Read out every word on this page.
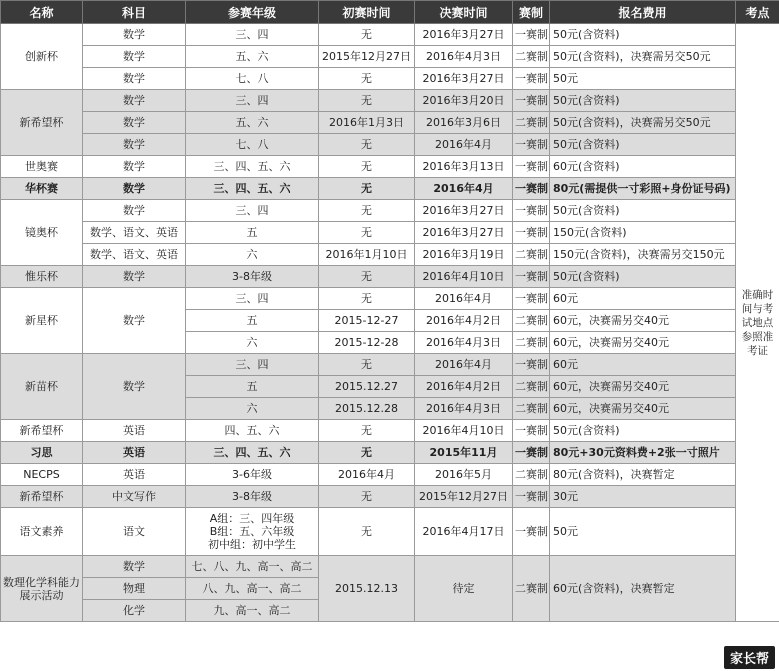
名称	科目	参赛年级	初赛时间	决赛时间	赛制	报名费用	考点
创新杯	数学	三、四	无	2016年3月27日	一赛制	50元(含资料)	准确时间与考试地点参照准考证
	数学	五、六	2015年12月27日	2016年4月3日	二赛制	50元(含资料)，决赛需另交50元	
	数学	七、八	无	2016年3月27日	一赛制	50元	
新希望杯	数学	三、四	无	2016年3月20日	一赛制	50元(含资料)	
	数学	五、六	2016年1月3日	2016年3月6日	二赛制	50元(含资料)，决赛需另交50元	
	数学	七、八	无	2016年4月	一赛制	50元(含资料)	
世奥赛	数学	三、四、五、六	无	2016年3月13日	一赛制	60元(含资料)	
华杯赛	数学	三、四、五、六	无	2016年4月	一赛制	80元(需提供一寸彩照+身份证号码)	
镜奥杯	数学	三、四	无	2016年3月27日	一赛制	50元(含资料)	
	数学、语文、英语	五	无	2016年3月27日	一赛制	150元(含资料)	
	数学、语文、英语	六	2016年1月10日	2016年3月19日	二赛制	150元(含资料)，决赛需另交150元	
惟乐杯	数学	3-8年级	无	2016年4月10日	一赛制	50元(含资料)	
新星杯	数学	三、四	无	2016年4月	一赛制	60元	
		五	2015-12-27	2016年4月2日	二赛制	60元，决赛需另交40元	
		六	2015-12-28	2016年4月3日	二赛制	60元，决赛需另交40元	
新苗杯	数学	三、四	无	2016年4月	一赛制	60元	
		五	2015.12.27	2016年4月2日	二赛制	60元，决赛需另交40元	
		六	2015.12.28	2016年4月3日	二赛制	60元，决赛需另交40元	
新希望杯	英语	四、五、六	无	2016年4月10日	一赛制	50元(含资料)	
习思	英语	三、四、五、六	无	2015年11月	一赛制	80元+30元资料费+2张一寸照片	
NECPS	英语	3-6年级	2016年4月	2016年5月	二赛制	80元(含资料)，决赛暂定	
新希望杯	中文写作	3-8年级	无	2015年12月27日	一赛制	30元	
语文素养	语文	A组：三、四年级
B组：五、六年级
初中组：初中学生	无	2016年4月17日	一赛制	50元	
数理化学科能力展示活动	数学	七、八、九、高一、高二	2015.12.13	待定	二赛制	60元(含资料)，决赛暂定	
	物理	八、九、高一、高二					
	化学	九、高一、高二					
家长帮
